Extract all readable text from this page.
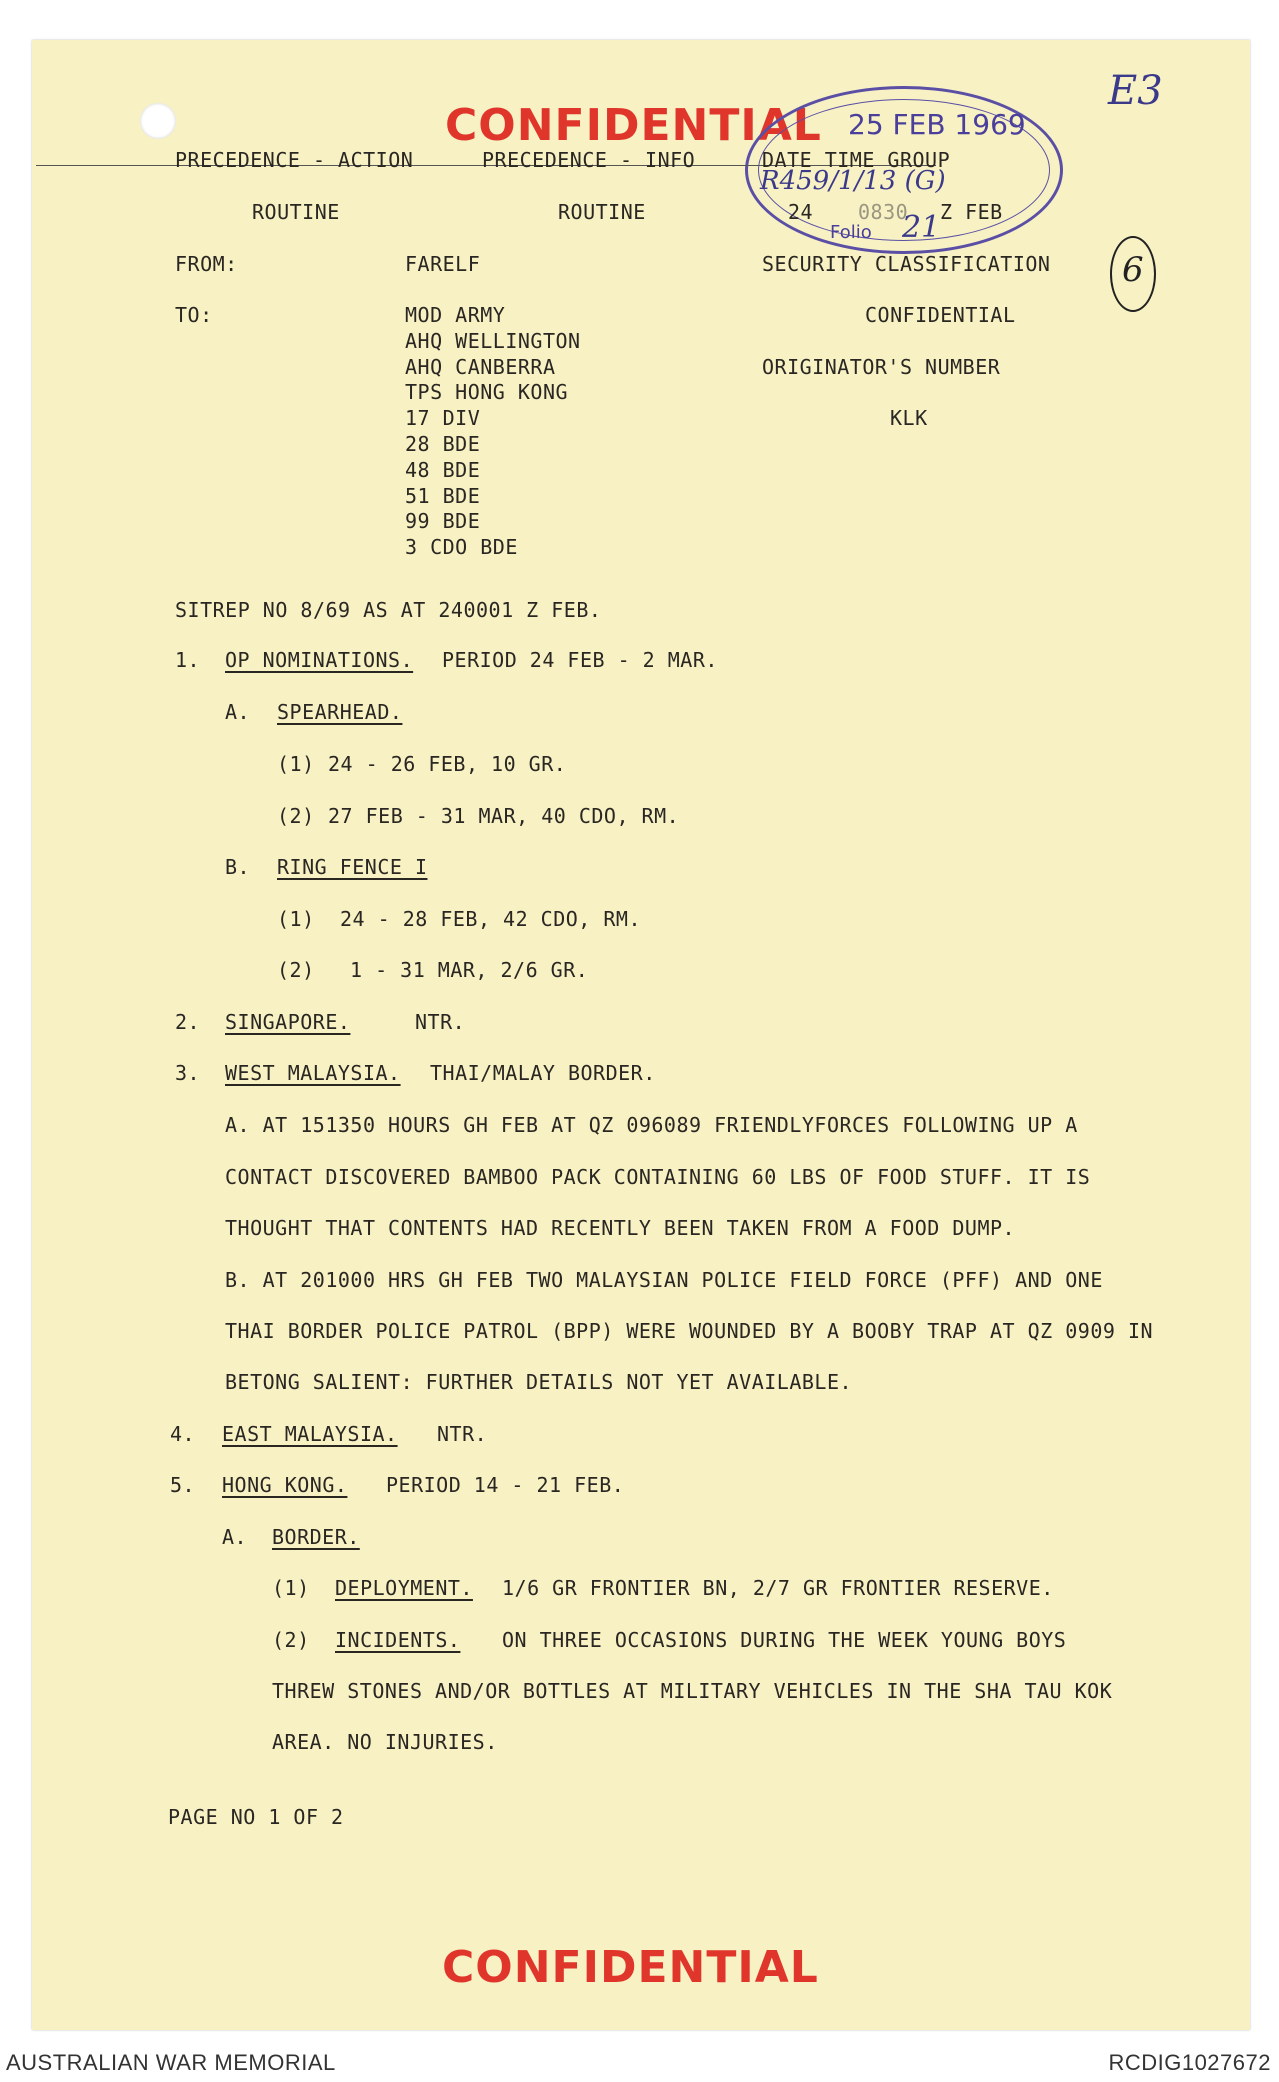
CONFIDENTIAL
E3
6
25 FEB 1969
R459/1/13 (G)
Folio 21
PRECEDENCE - ACTION	PRECEDENCE - INFO	DATE TIME GROUP
ROUTINE	ROUTINE	24 0830 Z FEB
FROM:	FARELF	SECURITY CLASSIFICATION
TO:	MOD ARMY
AHQ WELLINGTON
AHQ CANBERRA
TPS HONG KONG
17 DIV
28 BDE
48 BDE
51 BDE
99 BDE
3 CDO BDE
CONFIDENTIAL
ORIGINATOR'S NUMBER
KLK
SITREP NO 8/69 AS AT 240001 Z FEB.
1. OP NOMINATIONS. PERIOD 24 FEB - 2 MAR.
A. SPEARHEAD.
(1) 24 - 26 FEB, 10 GR.
(2) 27 FEB - 31 MAR, 40 CDO, RM.
B. RING FENCE I
(1) 24 - 28 FEB, 42 CDO, RM.
(2) 1 - 31 MAR, 2/6 GR.
2. SINGAPORE.	NTR.
3. WEST MALAYSIA. THAI/MALAY BORDER.
A. AT 151350 HOURS GH FEB AT QZ 096089 FRIENDLYFORCES FOLLOWING UP A
CONTACT DISCOVERED BAMBOO PACK CONTAINING 60 LBS OF FOOD STUFF. IT IS
THOUGHT THAT CONTENTS HAD RECENTLY BEEN TAKEN FROM A FOOD DUMP.
B. AT 201000 HRS GH FEB TWO MALAYSIAN POLICE FIELD FORCE (PFF) AND ONE
THAI BORDER POLICE PATROL (BPP) WERE WOUNDED BY A BOOBY TRAP AT QZ 0909 IN
BETONG SALIENT: FURTHER DETAILS NOT YET AVAILABLE.
4. EAST MALAYSIA. NTR.
5. HONG KONG. PERIOD 14 - 21 FEB.
A. BORDER.
(1) DEPLOYMENT. 1/6 GR FRONTIER BN, 2/7 GR FRONTIER RESERVE.
(2) INCIDENTS. ON THREE OCCASIONS DURING THE WEEK YOUNG BOYS
THREW STONES AND/OR BOTTLES AT MILITARY VEHICLES IN THE SHA TAU KOK
AREA. NO INJURIES.
PAGE NO 1 OF 2
CONFIDENTIAL
AUSTRALIAN WAR MEMORIAL	RCDIG1027672
